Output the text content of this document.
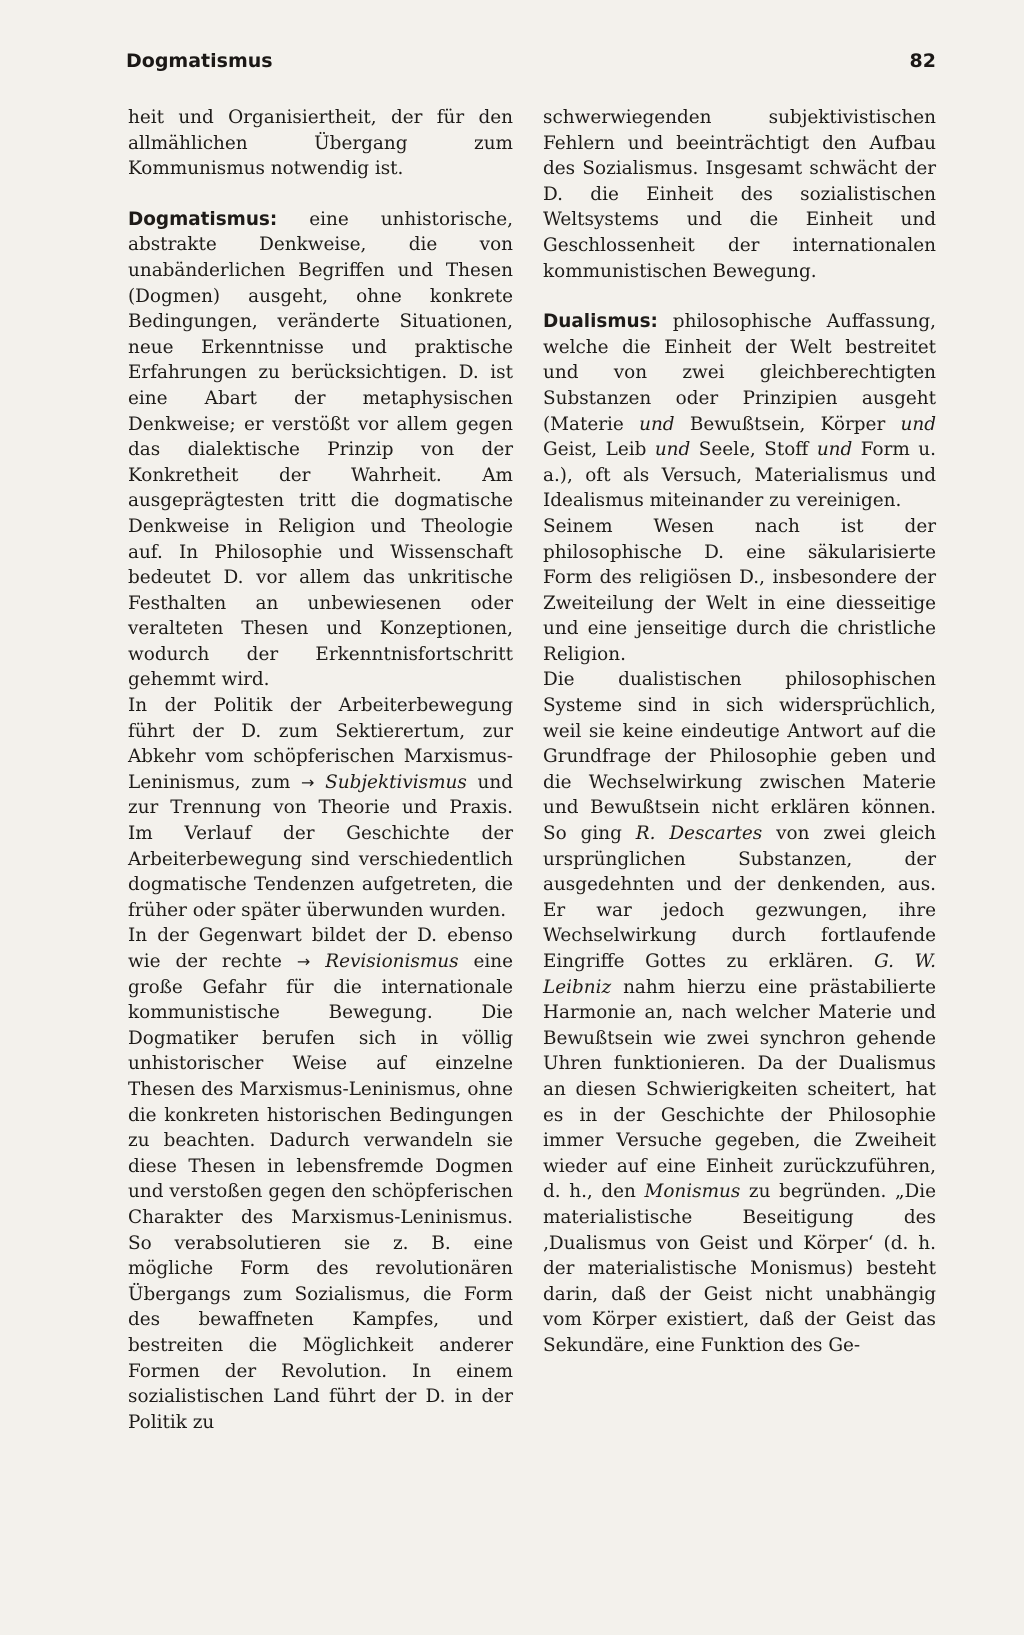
Dogmatismus	82

heit und Organisiertheit, der für den allmählichen Übergang zum Kommunismus notwendig ist.

Dogmatismus: eine unhistorische, abstrakte Denkweise, die von unabänderlichen Begriffen und Thesen (Dogmen) ausgeht, ohne konkrete Bedingungen, veränderte Situationen, neue Erkenntnisse und praktische Erfahrungen zu berücksichtigen. D. ist eine Abart der metaphysischen Denkweise; er verstößt vor allem gegen das dialektische Prinzip von der Konkretheit der Wahrheit. Am ausgeprägtesten tritt die dogmatische Denkweise in Religion und Theologie auf. In Philosophie und Wissenschaft bedeutet D. vor allem das unkritische Festhalten an unbewiesenen oder veralteten Thesen und Konzeptionen, wodurch der Erkenntnisfortschritt gehemmt wird.

In der Politik der Arbeiterbewegung führt der D. zum Sektierertum, zur Abkehr vom schöpferischen Marxismus-Leninismus, zum → Subjektivismus und zur Trennung von Theorie und Praxis. Im Verlauf der Geschichte der Arbeiterbewegung sind verschiedentlich dogmatische Tendenzen aufgetreten, die früher oder später überwunden wurden.

In der Gegenwart bildet der D. ebenso wie der rechte → Revisionismus eine große Gefahr für die internationale kommunistische Bewegung. Die Dogmatiker berufen sich in völlig unhistorischer Weise auf einzelne Thesen des Marxismus-Leninismus, ohne die konkreten historischen Bedingungen zu beachten. Dadurch verwandeln sie diese Thesen in lebensfremde Dogmen und verstoßen gegen den schöpferischen Charakter des Marxismus-Leninismus. So verabsolutieren sie z. B. eine mögliche Form des revolutionären Übergangs zum Sozialismus, die Form des bewaffneten Kampfes, und bestreiten die Möglichkeit anderer Formen der Revolution. In einem sozialistischen Land führt der D. in der Politik zu

schwerwiegenden subjektivistischen Fehlern und beeinträchtigt den Aufbau des Sozialismus. Insgesamt schwächt der D. die Einheit des sozialistischen Weltsystems und die Einheit und Geschlossenheit der internationalen kommunistischen Bewegung.

Dualismus: philosophische Auffassung, welche die Einheit der Welt bestreitet und von zwei gleichberechtigten Substanzen oder Prinzipien ausgeht (Materie und Bewußtsein, Körper und Geist, Leib und Seele, Stoff und Form u. a.), oft als Versuch, Materialismus und Idealismus miteinander zu vereinigen.

Seinem Wesen nach ist der philosophische D. eine säkularisierte Form des religiösen D., insbesondere der Zweiteilung der Welt in eine diesseitige und eine jenseitige durch die christliche Religion.

Die dualistischen philosophischen Systeme sind in sich widersprüchlich, weil sie keine eindeutige Antwort auf die Grundfrage der Philosophie geben und die Wechselwirkung zwischen Materie und Bewußtsein nicht erklären können. So ging R. Descartes von zwei gleich ursprünglichen Substanzen, der ausgedehnten und der denkenden, aus. Er war jedoch gezwungen, ihre Wechselwirkung durch fortlaufende Eingriffe Gottes zu erklären. G. W. Leibniz nahm hierzu eine prästabilierte Harmonie an, nach welcher Materie und Bewußtsein wie zwei synchron gehende Uhren funktionieren. Da der Dualismus an diesen Schwierigkeiten scheitert, hat es in der Geschichte der Philosophie immer Versuche gegeben, die Zweiheit wieder auf eine Einheit zurückzuführen, d. h., den Monismus zu begründen. „Die materialistische Beseitigung des ‚Dualismus von Geist und Körper‘ (d. h. der materialistische Monismus) besteht darin, daß der Geist nicht unabhängig vom Körper existiert, daß der Geist das Sekundäre, eine Funktion des Ge-
